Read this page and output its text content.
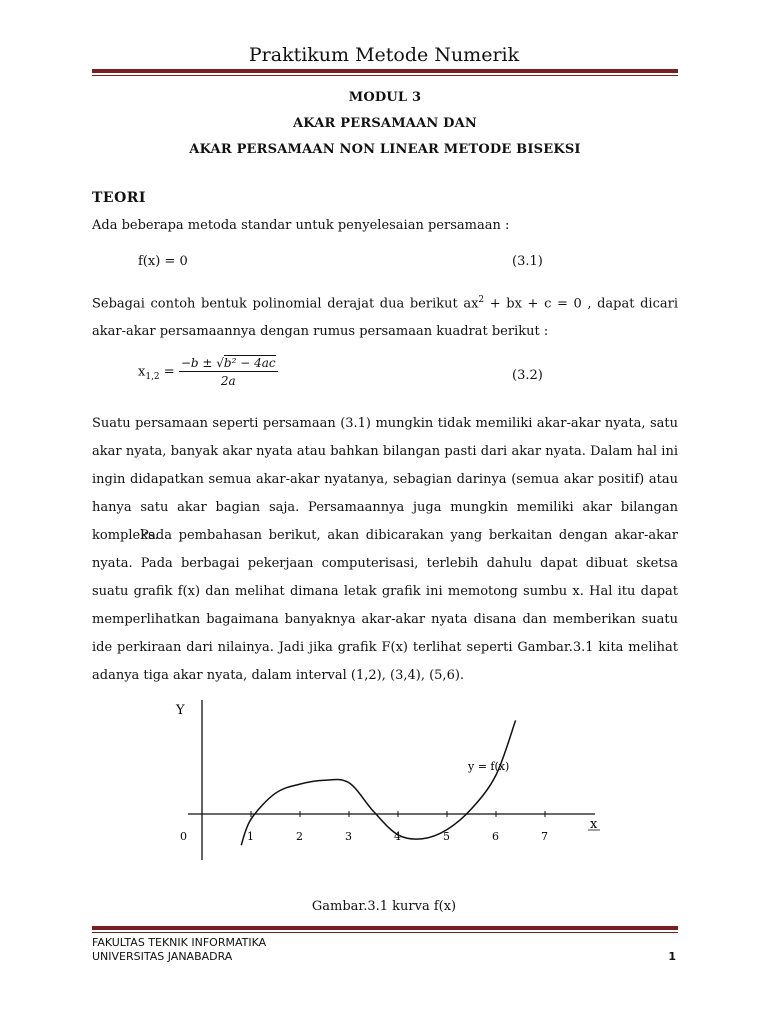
Praktikum Metode Numerik
MODUL 3
AKAR PERSAMAAN DAN
AKAR PERSAMAAN NON LINEAR METODE BISEKSI
TEORI

Ada beberapa metoda standar untuk penyelesaian persamaan :

f(x) = 0	(3.1)

Sebagai contoh bentuk polinomial derajat dua berikut $ax^2$ + bx + c = 0 , dapat dicari akar-akar persamaannya dengan rumus persamaan kuadrat berikut :

$x_{1,2} = \frac{\text{−b ± √b² − 4ac}}{2a}$	(3.2)

Suatu persamaan seperti persamaan (3.1) mungkin tidak memiliki akar-akar nyata, satu akar nyata, banyak akar nyata atau bahkan bilangan pasti dari akar nyata. Dalam hal ini ingin didapatkan semua akar-akar nyatanya, sebagian darinya (semua akar positif) atau hanya satu akar bagian saja. Persamaannya juga mungkin memiliki akar bilangan kompleks.

Pada pembahasan berikut, akan dibicarakan yang berkaitan dengan akar-akar nyata. Pada berbagai pekerjaan computerisasi, terlebih dahulu dapat dibuat sketsa suatu grafik f(x) dan melihat dimana letak grafik ini memotong sumbu x. Hal itu dapat memperlihatkan bagaimana banyaknya akar-akar nyata disana dan memberikan suatu ide perkiraan dari nilainya. Jadi jika grafik F(x) terlihat seperti Gambar.3.1 kita melihat adanya tiga akar nyata, dalam interval (1,2), (3,4), (5,6).

Y
x
0	1	2	3	4	5	6	7
y = f(x)
Gambar.3.1 kurva f(x)
FAKULTAS TEKNIK INFORMATIKA
UNIVERSITAS JANABADRA	1
